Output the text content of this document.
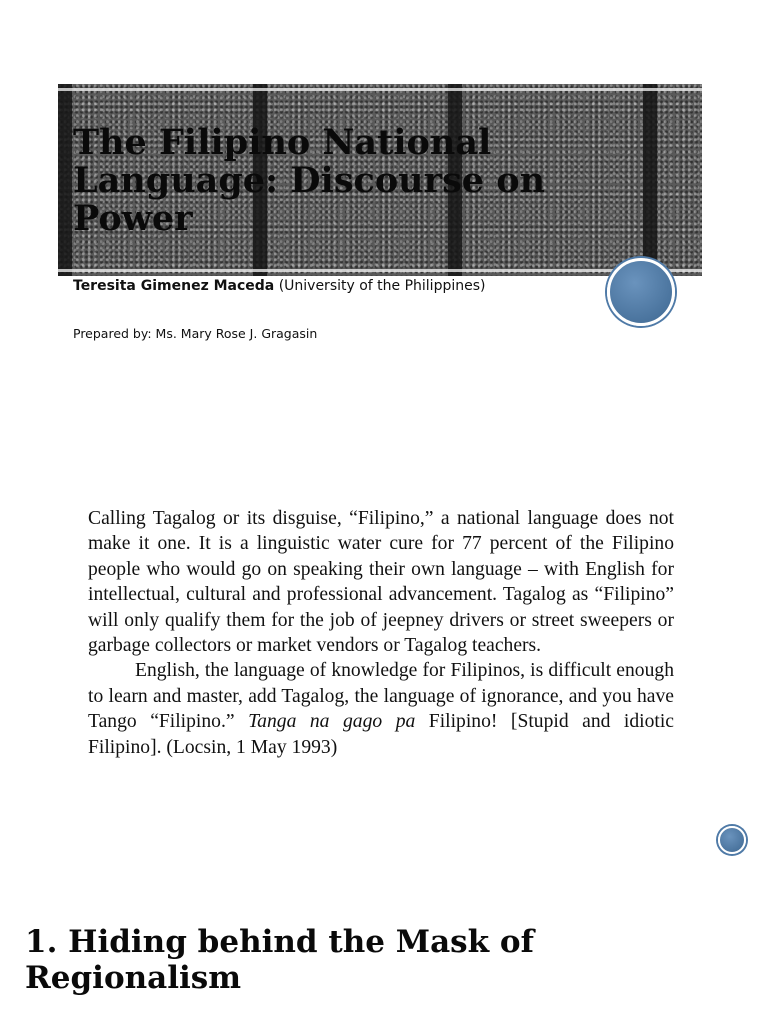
The Filipino National Language: Discourse on Power

Teresita Gimenez Maceda (University of the Philippines)

Prepared by: Ms. Mary Rose J. Gragasin

Calling Tagalog or its disguise, “Filipino,” a national language does not make it one. It is a linguistic water cure for 77 percent of the Filipino people who would go on speaking their own language – with English for intellectual, cultural and professional advancement. Tagalog as “Filipino” will only qualify them for the job of jeepney drivers or street sweepers or garbage collectors or market vendors or Tagalog teachers.

English, the language of knowledge for Filipinos, is difficult enough to learn and master, add Tagalog, the language of ignorance, and you have Tango “Filipino.” Tanga na gago pa Filipino! [Stupid and idiotic Filipino]. (Locsin, 1 May 1993)

1. Hiding behind the Mask of Regionalism
